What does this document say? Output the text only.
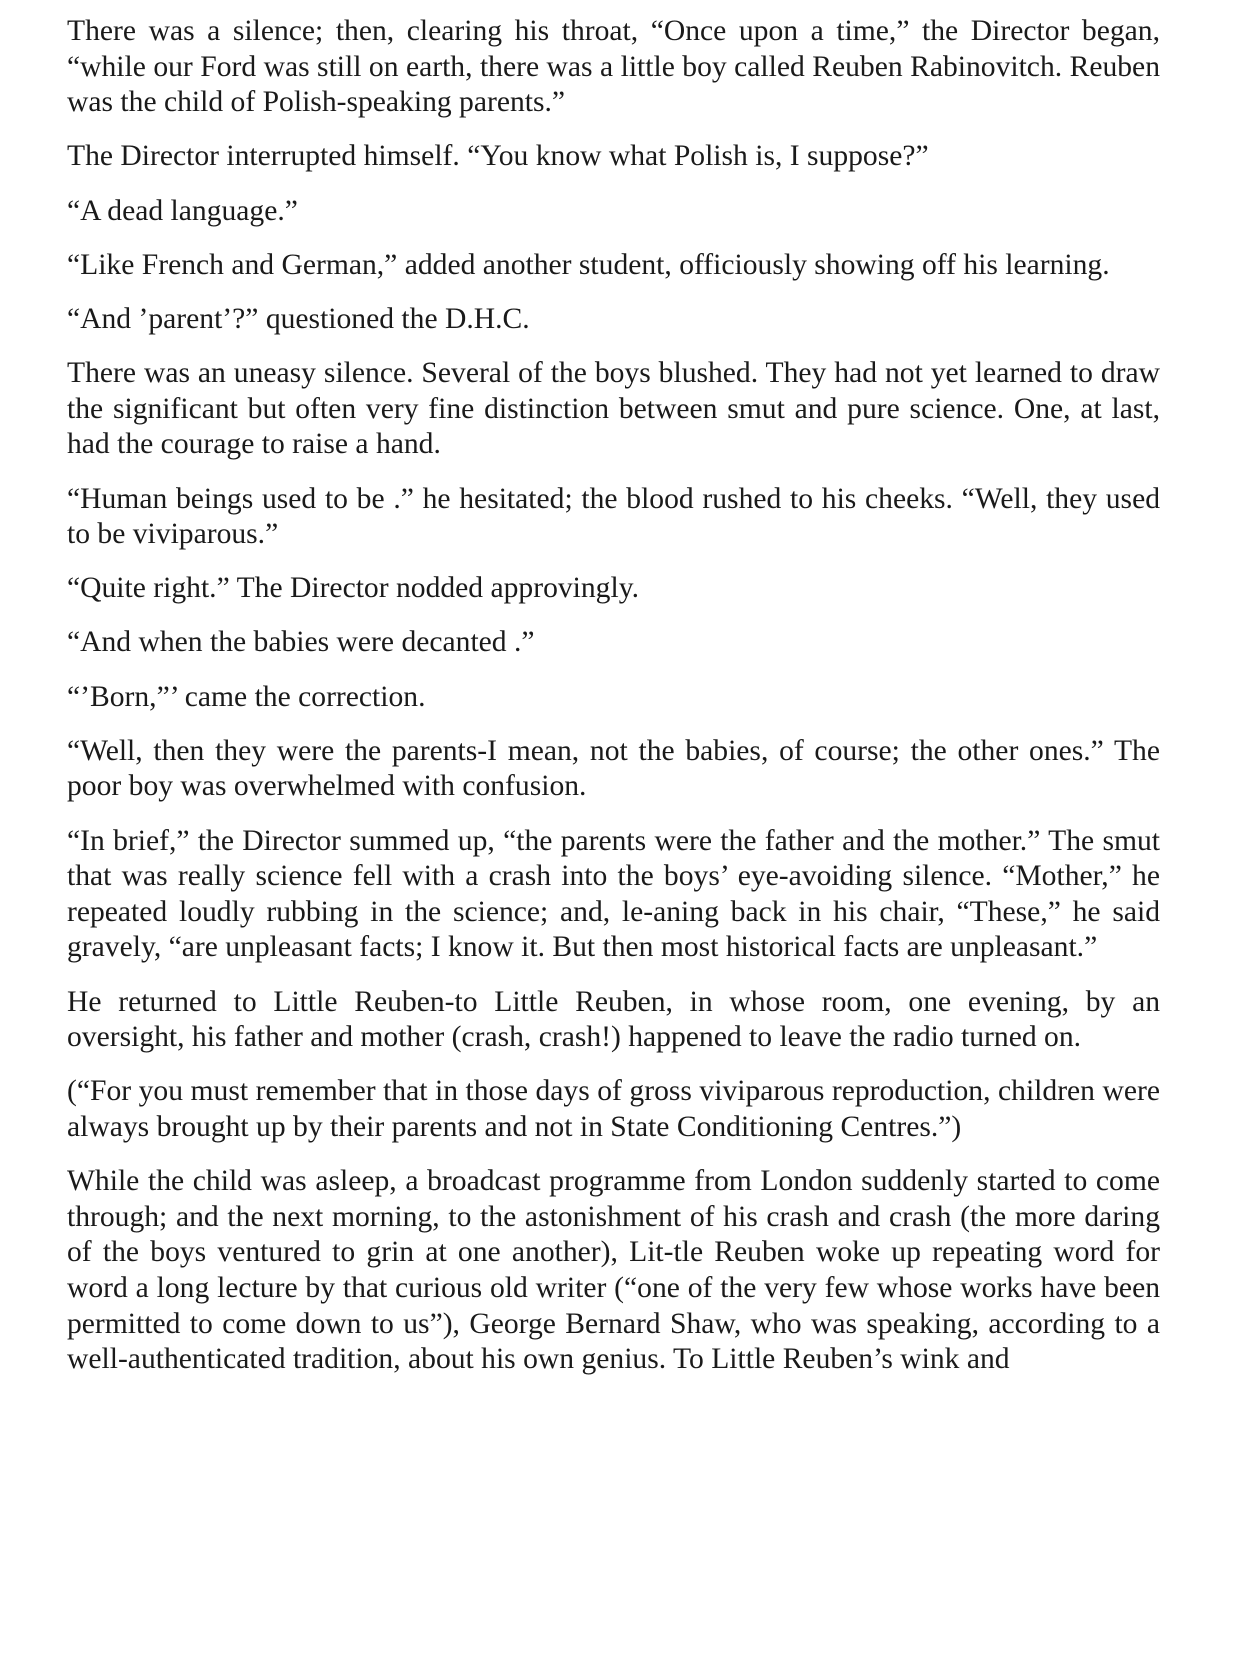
There was a silence; then, clearing his throat, “Once upon a time,” the Director began, “while our Ford was still on earth, there was a little boy called Reuben Rabinovitch. Reuben was the child of Polish-speaking parents.”

The Director interrupted himself. “You know what Polish is, I suppose?”

“A dead language.”

“Like French and German,” added another student, officiously showing off his learning.

“And ’parent’?” questioned the D.H.C.

There was an uneasy silence. Several of the boys blushed. They had not yet learned to draw the significant but often very fine distinction between smut and pure science. One, at last, had the courage to raise a hand.

“Human beings used to be .” he hesitated; the blood rushed to his cheeks. “Well, they used to be viviparous.”

“Quite right.” The Director nodded approvingly.

“And when the babies were decanted .”

“’Born,”’ came the correction.

“Well, then they were the parents-I mean, not the babies, of course; the other ones.” The poor boy was overwhelmed with confusion.

“In brief,” the Director summed up, “the parents were the father and the mother.” The smut that was really science fell with a crash into the boys’ eye-avoiding silence. “Mother,” he repeated loudly rubbing in the science; and, le-aning back in his chair, “These,” he said gravely, “are unpleasant facts; I know it. But then most historical facts are unpleasant.”

He returned to Little Reuben-to Little Reuben, in whose room, one evening, by an oversight, his father and mother (crash, crash!) happened to leave the radio turned on.

(“For you must remember that in those days of gross viviparous reproduction, children were always brought up by their parents and not in State Conditioning Centres.”)

While the child was asleep, a broadcast programme from London suddenly started to come through; and the next morning, to the astonishment of his crash and crash (the more daring of the boys ventured to grin at one another), Lit-tle Reuben woke up repeating word for word a long lecture by that curious old writer (“one of the very few whose works have been permitted to come down to us”), George Bernard Shaw, who was speaking, according to a well-authenticated tradition, about his own genius. To Little Reuben’s wink and
